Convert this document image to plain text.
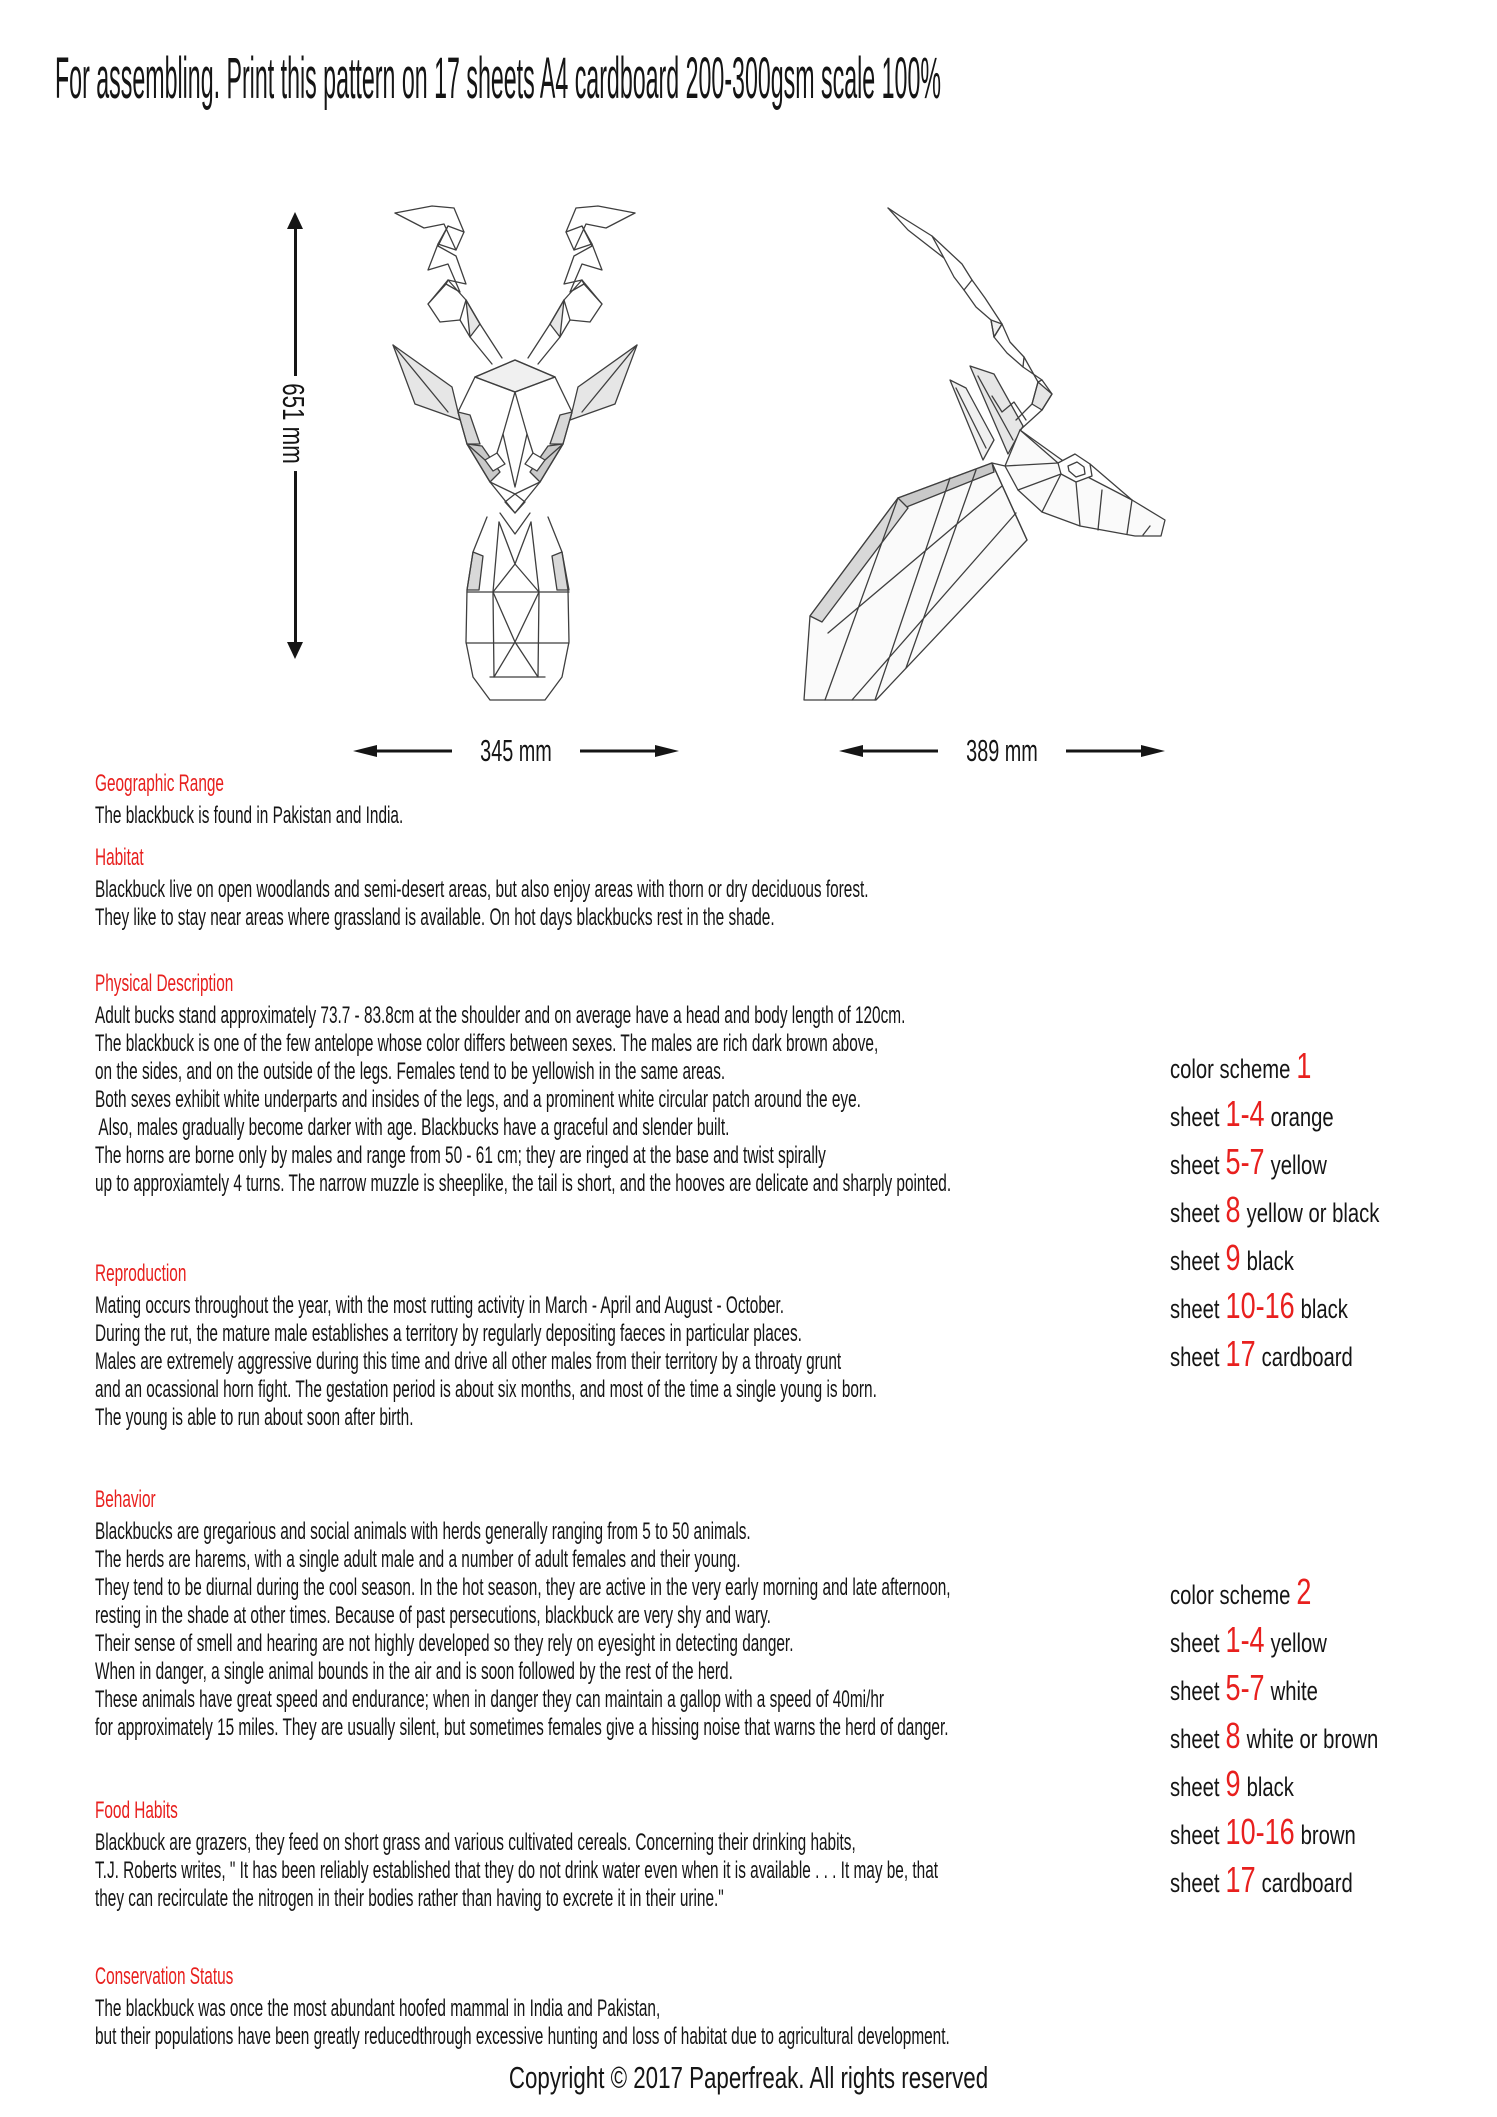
For assembling. Print this pattern on 17 sheets A4 cardboard 200-300gsm scale 100%
651 mm
345 mm	389 mm
Geographic Range
The blackbuck is found in Pakistan and India.
Habitat
Blackbuck live on open woodlands and semi-desert areas, but also enjoy areas with thorn or dry deciduous forest.
They like to stay near areas where grassland is available. On hot days blackbucks rest in the shade.
Physical Description
Adult bucks stand approximately 73.7 - 83.8cm at the shoulder and on average have a head and body length of 120cm.
The blackbuck is one of the few antelope whose color differs between sexes. The males are rich dark brown above,
on the sides, and on the outside of the legs. Females tend to be yellowish in the same areas.
Both sexes exhibit white underparts and insides of the legs, and a prominent white circular patch around the eye.
Also, males gradually become darker with age. Blackbucks have a graceful and slender built.
The horns are borne only by males and range from 50 - 61 cm; they are ringed at the base and twist spirally
up to approxiamtely 4 turns. The narrow muzzle is sheeplike, the tail is short, and the hooves are delicate and sharply pointed.
Reproduction
Mating occurs throughout the year, with the most rutting activity in March - April and August - October.
During the rut, the mature male establishes a territory by regularly depositing faeces in particular places.
Males are extremely aggressive during this time and drive all other males from their territory by a throaty grunt
and an ocassional horn fight. The gestation period is about six months, and most of the time a single young is born.
The young is able to run about soon after birth.
Behavior
Blackbucks are gregarious and social animals with herds generally ranging from 5 to 50 animals.
The herds are harems, with a single adult male and a number of adult females and their young.
They tend to be diurnal during the cool season. In the hot season, they are active in the very early morning and late afternoon,
resting in the shade at other times. Because of past persecutions, blackbuck are very shy and wary.
Their sense of smell and hearing are not highly developed so they rely on eyesight in detecting danger.
When in danger, a single animal bounds in the air and is soon followed by the rest of the herd.
These animals have great speed and endurance; when in danger they can maintain a gallop with a speed of 40mi/hr
for approximately 15 miles. They are usually silent, but sometimes females give a hissing noise that warns the herd of danger.
Food Habits
Blackbuck are grazers, they feed on short grass and various cultivated cereals. Concerning their drinking habits,
T.J. Roberts writes, " It has been reliably established that they do not drink water even when it is available . . . It may be, that
they can recirculate the nitrogen in their bodies rather than having to excrete it in their urine."
Conservation Status
The blackbuck was once the most abundant hoofed mammal in India and Pakistan,
but their populations have been greatly reducedthrough excessive hunting and loss of habitat due to agricultural development.
color scheme 1
sheet 1-4 orange
sheet 5-7 yellow
sheet 8 yellow or black
sheet 9 black
sheet 10-16 black
sheet 17 cardboard
color scheme 2
sheet 1-4 yellow
sheet 5-7 white
sheet 8 white or brown
sheet 9 black
sheet 10-16 brown
sheet 17 cardboard
Copyright © 2017 Paperfreak. All rights reserved
